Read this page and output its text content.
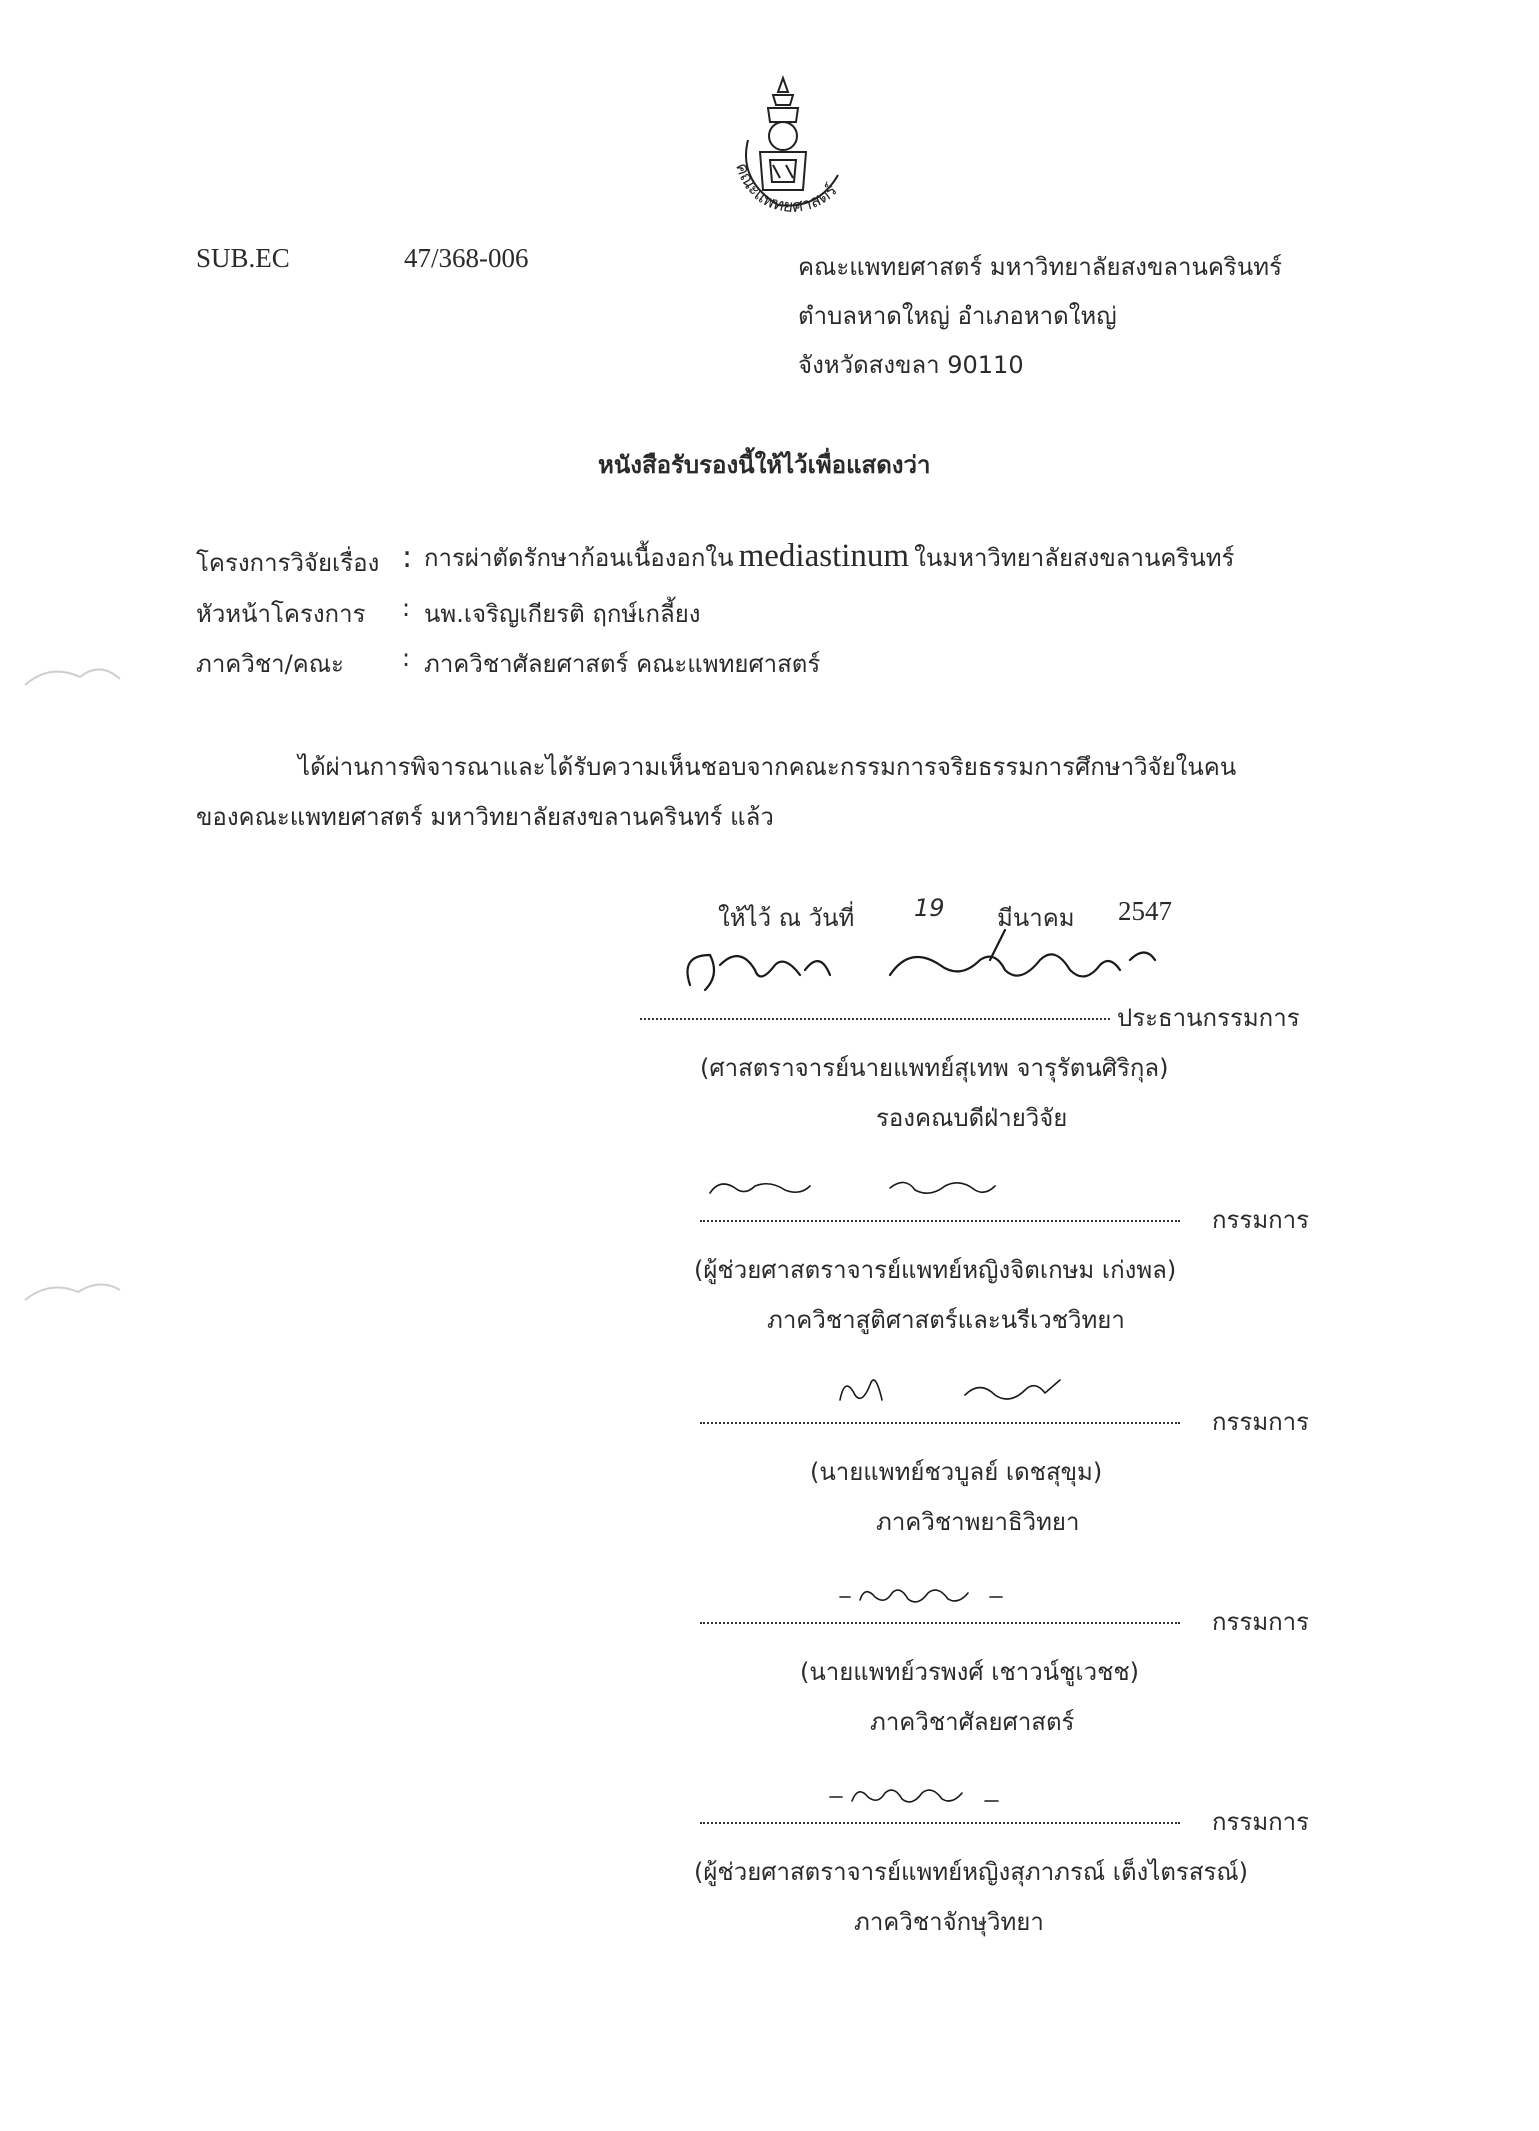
คณะแพทยศาสตร์
SUB.EC	47/368-006	คณะแพทยศาสตร์ มหาวิทยาลัยสงขลานครินทร์
ตำบลหาดใหญ่ อำเภอหาดใหญ่
จังหวัดสงขลา 90110
หนังสือรับรองนี้ให้ไว้เพื่อแสดงว่า
โครงการวิจัยเรื่อง : การผ่าตัดรักษาก้อนเนื้องอกใน mediastinum ในมหาวิทยาลัยสงขลานครินทร์
หัวหน้าโครงการ : นพ.เจริญเกียรติ ฤกษ์เกลี้ยง
ภาควิชา/คณะ : ภาควิชาศัลยศาสตร์ คณะแพทยศาสตร์
ได้ผ่านการพิจารณาและได้รับความเห็นชอบจากคณะกรรมการจริยธรรมการศึกษาวิจัยในคน
ของคณะแพทยศาสตร์ มหาวิทยาลัยสงขลานครินทร์ แล้ว
ให้ไว้ ณ วันที่ 19 มีนาคม 2547
ประธานกรรมการ
(ศาสตราจารย์นายแพทย์สุเทพ จารุรัตนศิริกุล)
รองคณบดีฝ่ายวิจัย
กรรมการ
(ผู้ช่วยศาสตราจารย์แพทย์หญิงจิตเกษม เก่งพล)
ภาควิชาสูติศาสตร์และนรีเวชวิทยา
กรรมการ
(นายแพทย์ชวบูลย์ เดชสุขุม)
ภาควิชาพยาธิวิทยา
กรรมการ
(นายแพทย์วรพงศ์ เชาวน์ชูเวชช)
ภาควิชาศัลยศาสตร์
กรรมการ
(ผู้ช่วยศาสตราจารย์แพทย์หญิงสุภาภรณ์ เต็งไตรสรณ์)
ภาควิชาจักษุวิทยา
